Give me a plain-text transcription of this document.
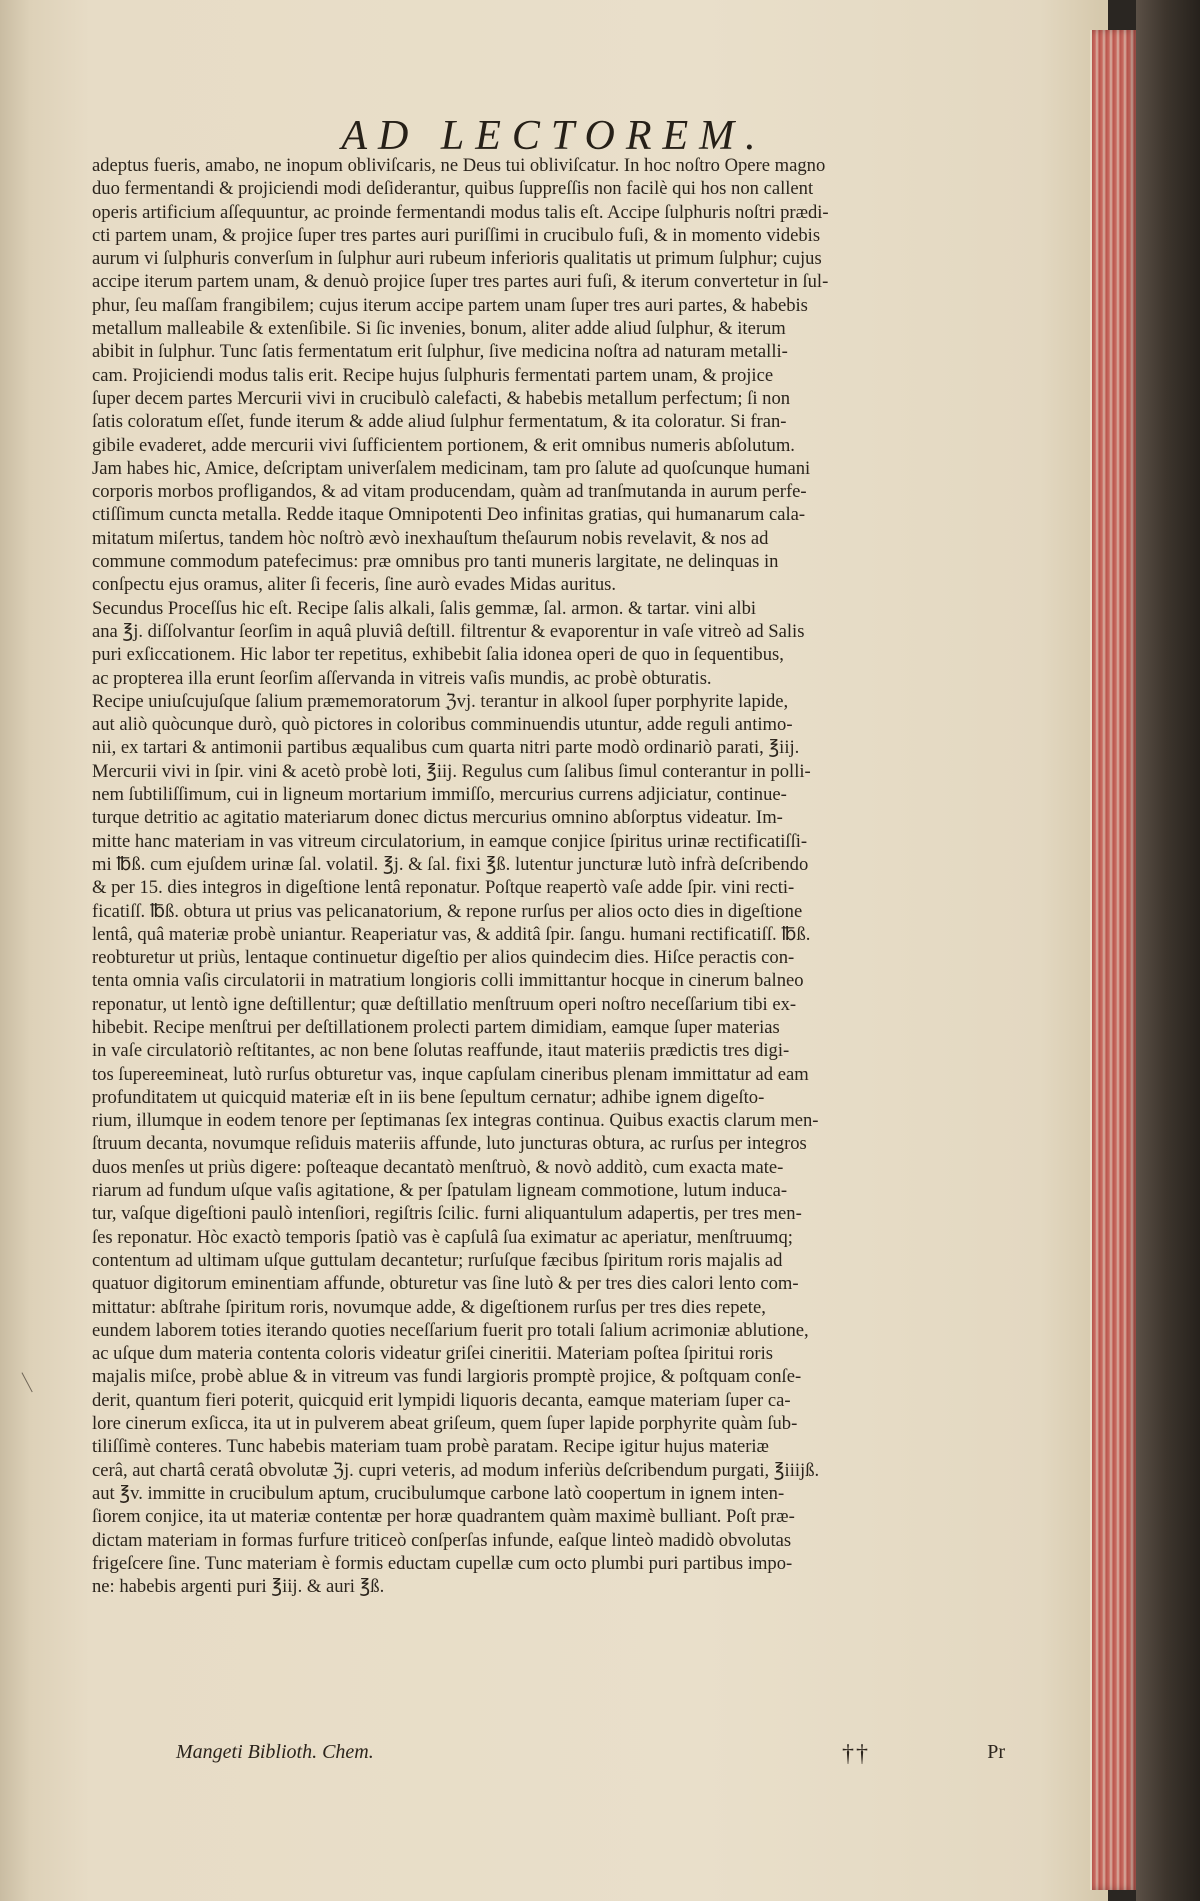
AD LECTOREM.
adeptus fueris, amabo, ne inopum obliviſcaris, ne Deus tui obliviſcatur. In hoc noſtro Opere magno
duo fermentandi & projiciendi modi deſiderantur, quibus ſuppreſſis non facilè qui hos non callent
operis artificium aſſequuntur, ac proinde fermentandi modus talis eſt. Accipe ſulphuris noſtri prædi-
cti partem unam, & projice ſuper tres partes auri puriſſimi in crucibulo fuſi, & in momento videbis
aurum vi ſulphuris converſum in ſulphur auri rubeum inferioris qualitatis ut primum ſulphur; cujus
accipe iterum partem unam, & denuò projice ſuper tres partes auri fuſi, & iterum convertetur in ſul-
phur, ſeu maſſam frangibilem; cujus iterum accipe partem unam ſuper tres auri partes, & habebis
metallum malleabile & extenſibile. Si ſic invenies, bonum, aliter adde aliud ſulphur, & iterum
abibit in ſulphur. Tunc ſatis fermentatum erit ſulphur, ſive medicina noſtra ad naturam metalli-
cam. Projiciendi modus talis erit. Recipe hujus ſulphuris fermentati partem unam, & projice
ſuper decem partes Mercurii vivi in crucibulò calefacti, & habebis metallum perfectum; ſi non
ſatis coloratum eſſet, funde iterum & adde aliud ſulphur fermentatum, & ita coloratur. Si fran-
gibile evaderet, adde mercurii vivi ſufficientem portionem, & erit omnibus numeris abſolutum.
Jam habes hic, Amice, deſcriptam univerſalem medicinam, tam pro ſalute ad quoſcunque humani
corporis morbos profligandos, & ad vitam producendam, quàm ad tranſmutanda in aurum perfe-
ctiſſimum cuncta metalla. Redde itaque Omnipotenti Deo infinitas gratias, qui humanarum cala-
mitatum miſertus, tandem hòc noſtrò ævò inexhauſtum theſaurum nobis revelavit, & nos ad
commune commodum patefecimus: præ omnibus pro tanti muneris largitate, ne delinquas in
conſpectu ejus oramus, aliter ſi feceris, ſine aurò evades Midas auritus.
Secundus Proceſſus hic eſt. Recipe ſalis alkali, ſalis gemmæ, ſal. armon. & tartar. vini albi
ana ℥j. diſſolvantur ſeorſim in aquâ pluviâ deſtill. filtrentur & evaporentur in vaſe vitreò ad Salis
puri exſiccationem. Hic labor ter repetitus, exhibebit ſalia idonea operi de quo in ſequentibus,
ac propterea illa erunt ſeorſim aſſervanda in vitreis vaſis mundis, ac probè obturatis.
Recipe uniuſcujuſque ſalium præmemoratorum ℨvj. terantur in alkool ſuper porphyrite lapide,
aut aliò quòcunque durò, quò pictores in coloribus comminuendis utuntur, adde reguli antimo-
nii, ex tartari & antimonii partibus æqualibus cum quarta nitri parte modò ordinariò parati, ℥iij.
Mercurii vivi in ſpir. vini & acetò probè loti, ℥iij. Regulus cum ſalibus ſimul conterantur in polli-
nem ſubtiliſſimum, cui in ligneum mortarium immiſſo, mercurius currens adjiciatur, continue-
turque detritio ac agitatio materiarum donec dictus mercurius omnino abſorptus videatur. Im-
mitte hanc materiam in vas vitreum circulatorium, in eamque conjice ſpiritus urinæ rectificatiſſi-
mi ℔ß. cum ejuſdem urinæ ſal. volatil. ℥j. & ſal. fixi ℥ß. lutentur juncturæ lutò infrà deſcribendo
& per 15. dies integros in digeſtione lentâ reponatur. Poſtque reapertò vaſe adde ſpir. vini recti-
ficatiſſ. ℔ß. obtura ut prius vas pelicanatorium, & repone rurſus per alios octo dies in digeſtione
lentâ, quâ materiæ probè uniantur. Reaperiatur vas, & additâ ſpir. ſangu. humani rectificatiſſ. ℔ß.
reobturetur ut priùs, lentaque continuetur digeſtio per alios quindecim dies. Hiſce peractis con-
tenta omnia vaſis circulatorii in matratium longioris colli immittantur hocque in cinerum balneo
reponatur, ut lentò igne deſtillentur; quæ deſtillatio menſtruum operi noſtro neceſſarium tibi ex-
hibebit. Recipe menſtrui per deſtillationem prolecti partem dimidiam, eamque ſuper materias
in vaſe circulatoriò reſtitantes, ac non bene ſolutas reaffunde, itaut materiis prædictis tres digi-
tos ſupereemineat, lutò rurſus obturetur vas, inque capſulam cineribus plenam immittatur ad eam
profunditatem ut quicquid materiæ eſt in iis bene ſepultum cernatur; adhibe ignem digeſto-
rium, illumque in eodem tenore per ſeptimanas ſex integras continua. Quibus exactis clarum men-
ſtruum decanta, novumque reſiduis materiis affunde, luto juncturas obtura, ac rurſus per integros
duos menſes ut priùs digere: poſteaque decantatò menſtruò, & novò additò, cum exacta mate-
riarum ad fundum uſque vaſis agitatione, & per ſpatulam ligneam commotione, lutum induca-
tur, vaſque digeſtioni paulò intenſiori, regiſtris ſcilic. furni aliquantulum adapertis, per tres men-
ſes reponatur. Hòc exactò temporis ſpatiò vas è capſulâ ſua eximatur ac aperiatur, menſtruumq;
contentum ad ultimam uſque guttulam decantetur; rurſuſque fæcibus ſpiritum roris majalis ad
quatuor digitorum eminentiam affunde, obturetur vas ſine lutò & per tres dies calori lento com-
mittatur: abſtrahe ſpiritum roris, novumque adde, & digeſtionem rurſus per tres dies repete,
eundem laborem toties iterando quoties neceſſarium fuerit pro totali ſalium acrimoniæ ablutione,
ac uſque dum materia contenta coloris videatur griſei cineritii. Materiam poſtea ſpiritui roris
majalis miſce, probè ablue & in vitreum vas fundi largioris promptè projice, & poſtquam conſe-
derit, quantum fieri poterit, quicquid erit lympidi liquoris decanta, eamque materiam ſuper ca-
lore cinerum exſicca, ita ut in pulverem abeat griſeum, quem ſuper lapide porphyrite quàm ſub-
tiliſſimè conteres. Tunc habebis materiam tuam probè paratam. Recipe igitur hujus materiæ
cerâ, aut chartâ ceratâ obvolutæ ℨj. cupri veteris, ad modum inferiùs deſcribendum purgati, ℥iiijß.
aut ℥v. immitte in crucibulum aptum, crucibulumque carbone latò coopertum in ignem inten-
ſiorem conjice, ita ut materiæ contentæ per horæ quadrantem quàm maximè bulliant. Poſt præ-
dictam materiam in formas furfure triticeò conſperſas infunde, eaſque linteò madidò obvolutas
frigeſcere ſine. Tunc materiam è formis eductam cupellæ cum octo plumbi puri partibus impo-
ne: habebis argenti puri ℥iij. & auri ℥ß.
Mangeti Biblioth. Chem.	††	Pr
